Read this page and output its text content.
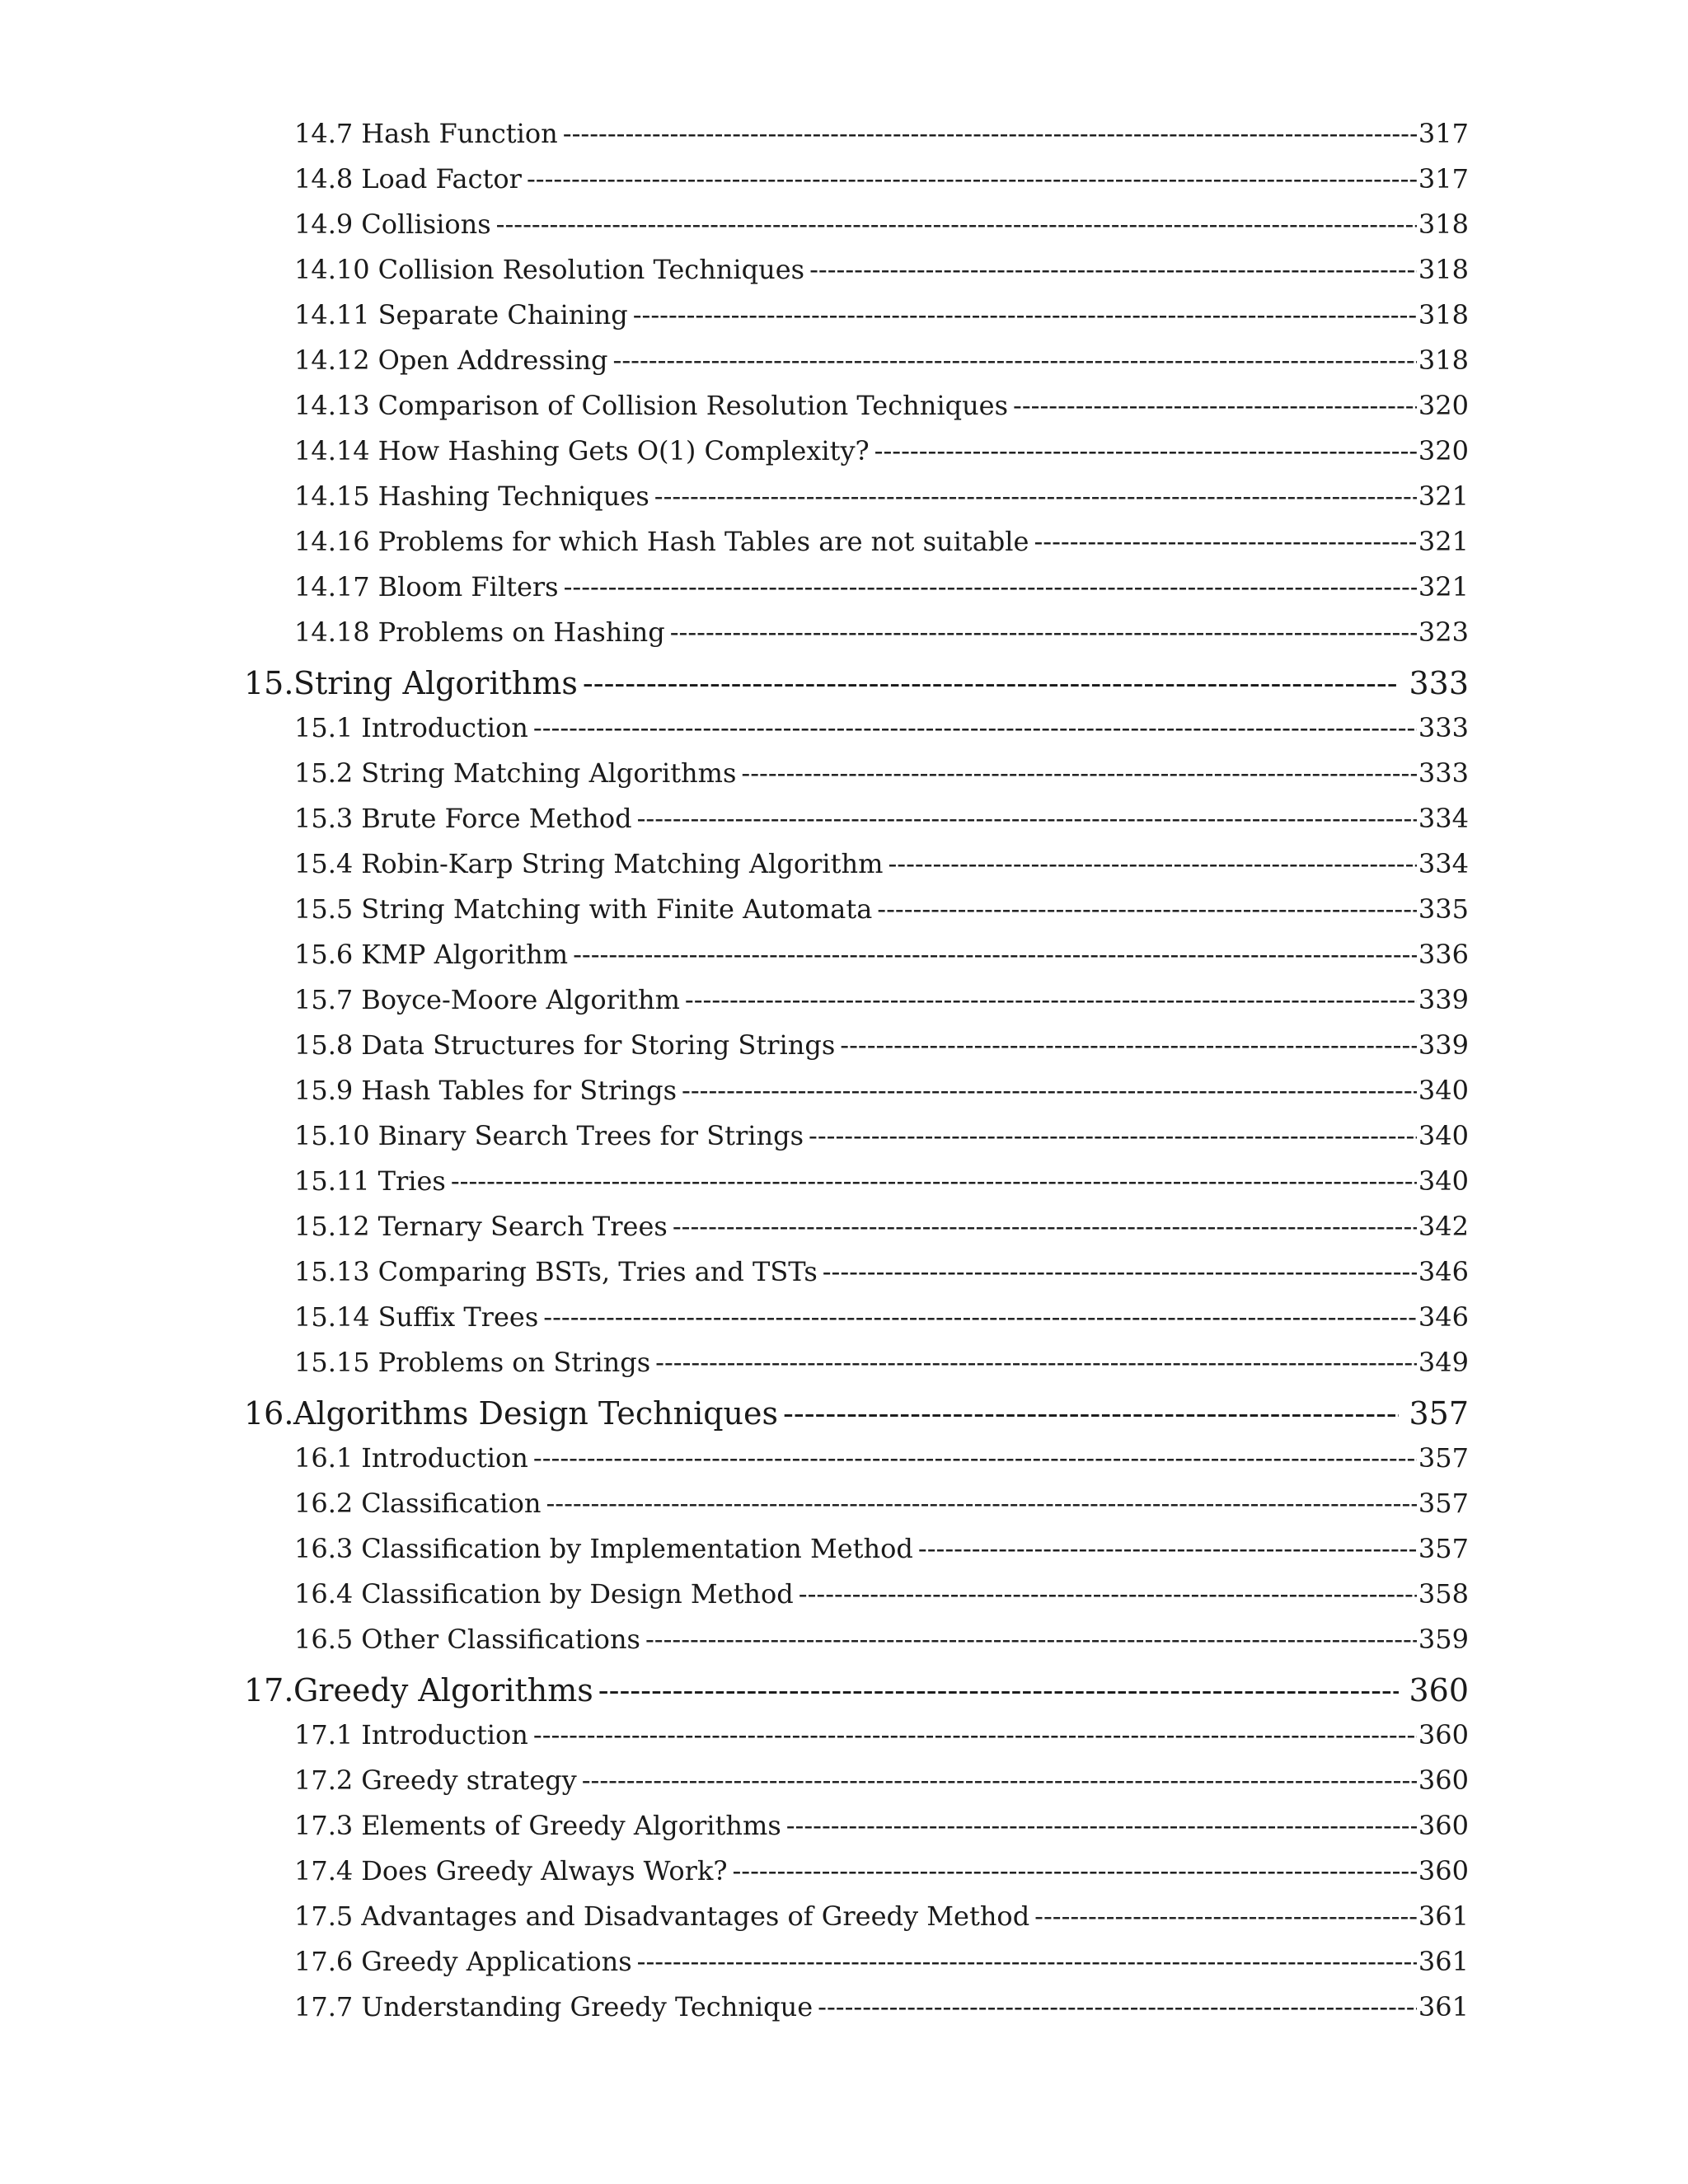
14.7 Hash Function -----	317
14.8 Load Factor -----	317
14.9 Collisions -----	318
14.10 Collision Resolution Techniques -----	318
14.11 Separate Chaining -----	318
14.12 Open Addressing -----	318
14.13 Comparison of Collision Resolution Techniques -----	320
14.14 How Hashing Gets O(1) Complexity? -----	320
14.15 Hashing Techniques -----	321
14.16 Problems for which Hash Tables are not suitable -----	321
14.17 Bloom Filters -----	321
14.18 Problems on Hashing -----	323
15. String Algorithms -----	333
15.1 Introduction -----	333
15.2 String Matching Algorithms -----	333
15.3 Brute Force Method -----	334
15.4 Robin-Karp String Matching Algorithm -----	334
15.5 String Matching with Finite Automata -----	335
15.6 KMP Algorithm -----	336
15.7 Boyce-Moore Algorithm -----	339
15.8 Data Structures for Storing Strings -----	339
15.9 Hash Tables for Strings -----	340
15.10 Binary Search Trees for Strings -----	340
15.11 Tries -----	340
15.12 Ternary Search Trees -----	342
15.13 Comparing BSTs, Tries and TSTs -----	346
15.14 Suffix Trees -----	346
15.15 Problems on Strings -----	349
16. Algorithms Design Techniques -----	357
16.1 Introduction -----	357
16.2 Classification -----	357
16.3 Classification by Implementation Method -----	357
16.4 Classification by Design Method -----	358
16.5 Other Classifications -----	359
17. Greedy Algorithms -----	360
17.1 Introduction -----	360
17.2 Greedy strategy -----	360
17.3 Elements of Greedy Algorithms -----	360
17.4 Does Greedy Always Work? -----	360
17.5 Advantages and Disadvantages of Greedy Method -----	361
17.6 Greedy Applications -----	361
17.7 Understanding Greedy Technique -----	361
